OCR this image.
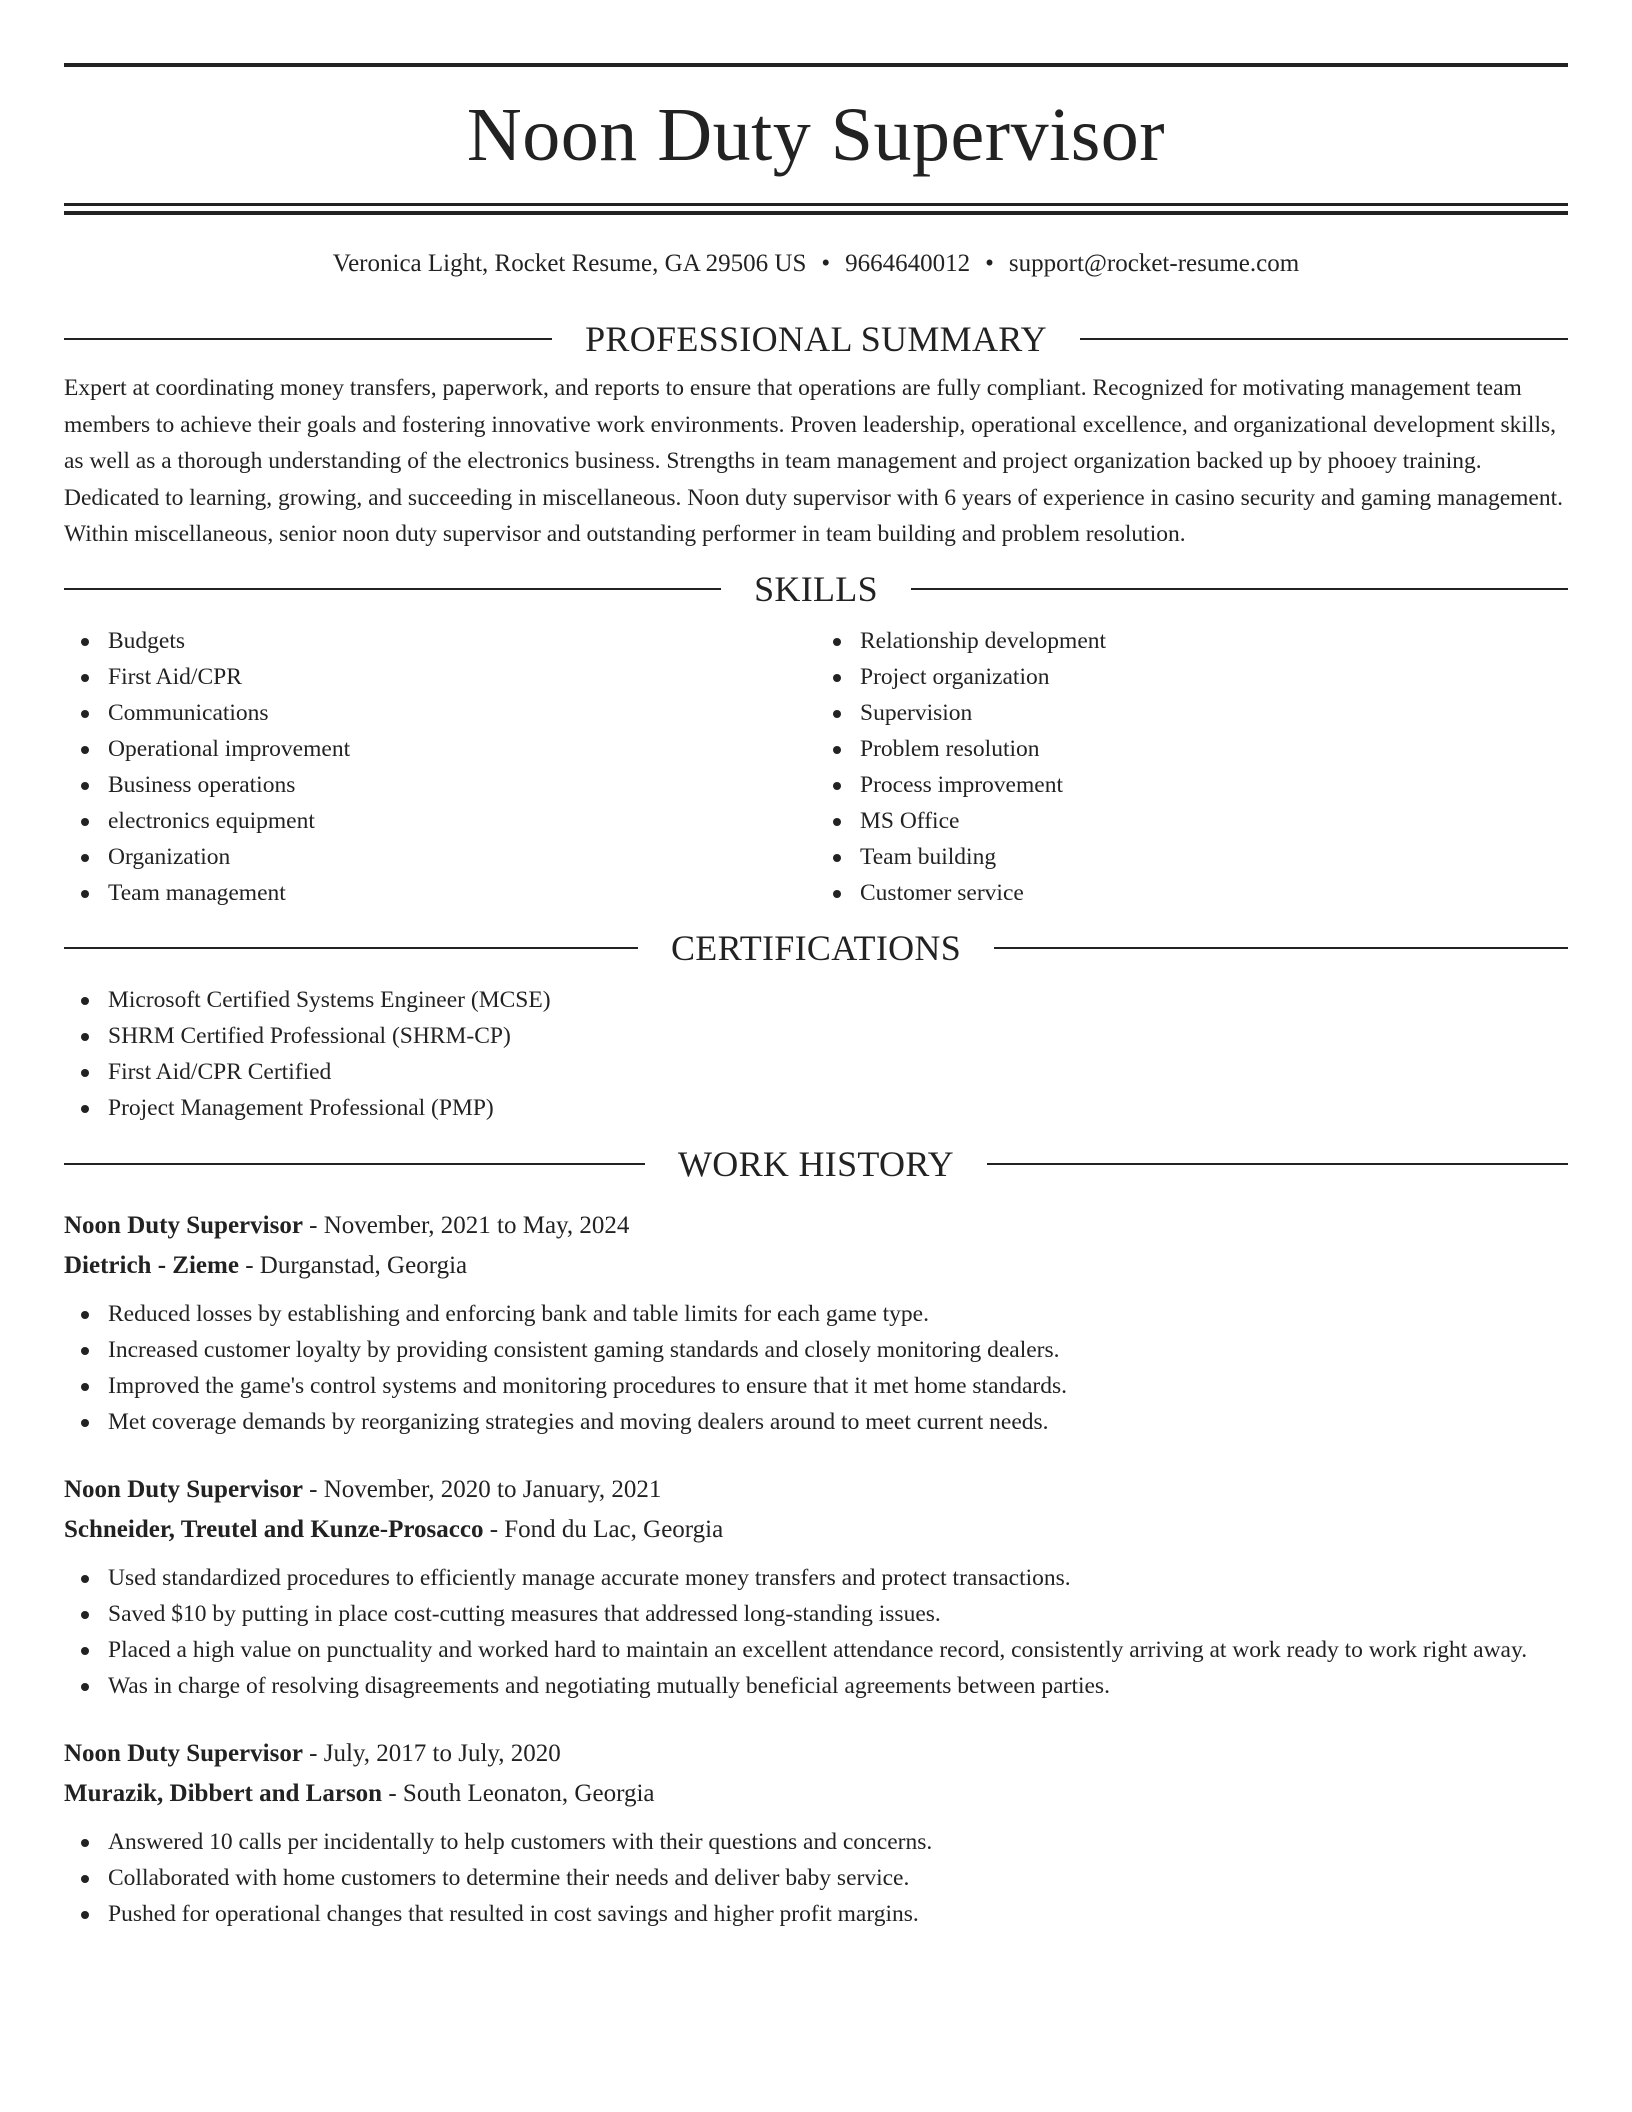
Noon Duty Supervisor
Veronica Light, Rocket Resume, GA 29506 US • 9664640012 • support@rocket-resume.com
PROFESSIONAL SUMMARY

Expert at coordinating money transfers, paperwork, and reports to ensure that operations are fully compliant. Recognized for motivating management team members to achieve their goals and fostering innovative work environments. Proven leadership, operational excellence, and organizational development skills, as well as a thorough understanding of the electronics business. Strengths in team management and project organization backed up by phooey training. Dedicated to learning, growing, and succeeding in miscellaneous. Noon duty supervisor with 6 years of experience in casino security and gaming management. Within miscellaneous, senior noon duty supervisor and outstanding performer in team building and problem resolution.

SKILLS
Budgets
First Aid/CPR
Communications
Operational improvement
Business operations
electronics equipment
Organization
Team management
Relationship development
Project organization
Supervision
Problem resolution
Process improvement
MS Office
Team building
Customer service
CERTIFICATIONS
Microsoft Certified Systems Engineer (MCSE)
SHRM Certified Professional (SHRM-CP)
First Aid/CPR Certified
Project Management Professional (PMP)
WORK HISTORY
Noon Duty Supervisor - November, 2021 to May, 2024
Dietrich - Zieme - Durganstad, Georgia
Reduced losses by establishing and enforcing bank and table limits for each game type.
Increased customer loyalty by providing consistent gaming standards and closely monitoring dealers.
Improved the game's control systems and monitoring procedures to ensure that it met home standards.
Met coverage demands by reorganizing strategies and moving dealers around to meet current needs.
Noon Duty Supervisor - November, 2020 to January, 2021
Schneider, Treutel and Kunze-Prosacco - Fond du Lac, Georgia
Used standardized procedures to efficiently manage accurate money transfers and protect transactions.
Saved $10 by putting in place cost-cutting measures that addressed long-standing issues.
Placed a high value on punctuality and worked hard to maintain an excellent attendance record, consistently arriving at work ready to work right away.
Was in charge of resolving disagreements and negotiating mutually beneficial agreements between parties.
Noon Duty Supervisor - July, 2017 to July, 2020
Murazik, Dibbert and Larson - South Leonaton, Georgia
Answered 10 calls per incidentally to help customers with their questions and concerns.
Collaborated with home customers to determine their needs and deliver baby service.
Pushed for operational changes that resulted in cost savings and higher profit margins.
